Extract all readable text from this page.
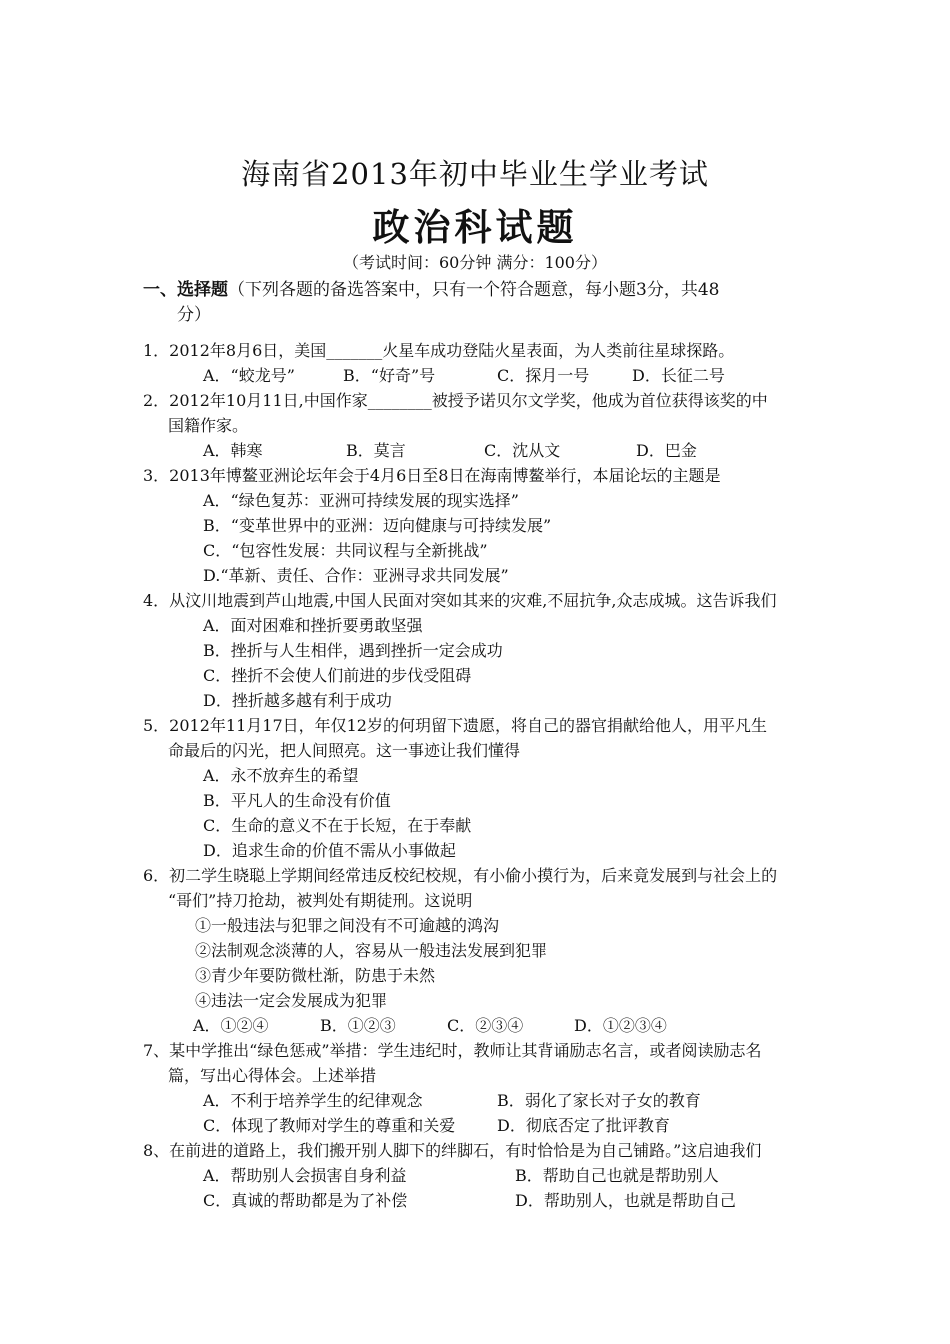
海南省2013年初中毕业生学业考试
政治科试题
（考试时间：60分钟 满分：100分）
一、选择题（下列各题的备选答案中，只有一个符合题意，每小题3分，共48
分）
1．2012年8月6日，美国_______火星车成功登陆火星表面，为人类前往星球探路。
A．“蛟龙号”	B．“好奇”号	C．探月一号	D．长征二号
2．2012年10月11日,中国作家________被授予诺贝尔文学奖，他成为首位获得该奖的中
国籍作家。
A．韩寒	B．莫言	C．沈从文	D．巴金
3．2013年博鳌亚洲论坛年会于4月6日至8日在海南博鳌举行，本届论坛的主题是
A．“绿色复苏：亚洲可持续发展的现实选择”
B．“变革世界中的亚洲：迈向健康与可持续发展”
C．“包容性发展：共同议程与全新挑战”
D.“革新、责任、合作：亚洲寻求共同发展”
4．从汶川地震到芦山地震,中国人民面对突如其来的灾难,不屈抗争,众志成城。这告诉我们
A．面对困难和挫折要勇敢坚强
B．挫折与人生相伴，遇到挫折一定会成功
C．挫折不会使人们前进的步伐受阻碍
D．挫折越多越有利于成功
5．2012年11月17日，年仅12岁的何玥留下遗愿，将自己的器官捐献给他人，用平凡生
命最后的闪光，把人间照亮。这一事迹让我们懂得
A．永不放弃生的希望
B．平凡人的生命没有价值
C．生命的意义不在于长短，在于奉献
D．追求生命的价值不需从小事做起
6．初二学生晓聪上学期间经常违反校纪校规，有小偷小摸行为，后来竟发展到与社会上的
“哥们”持刀抢劫，被判处有期徒刑。这说明
①一般违法与犯罪之间没有不可逾越的鸿沟
②法制观念淡薄的人，容易从一般违法发展到犯罪
③青少年要防微杜渐，防患于未然
④违法一定会发展成为犯罪
A．①②④	B．①②③	C．②③④	D．①②③④
7、某中学推出“绿色惩戒”举措：学生违纪时，教师让其背诵励志名言，或者阅读励志名
篇，写出心得体会。上述举措
A．不利于培养学生的纪律观念	B．弱化了家长对子女的教育
C．体现了教师对学生的尊重和关爱	D．彻底否定了批评教育
8、在前进的道路上，我们搬开别人脚下的绊脚石，有时恰恰是为自己铺路。”这启迪我们
A．帮助别人会损害自身利益	B．帮助自己也就是帮助别人
C．真诚的帮助都是为了补偿	D．帮助别人，也就是帮助自己
